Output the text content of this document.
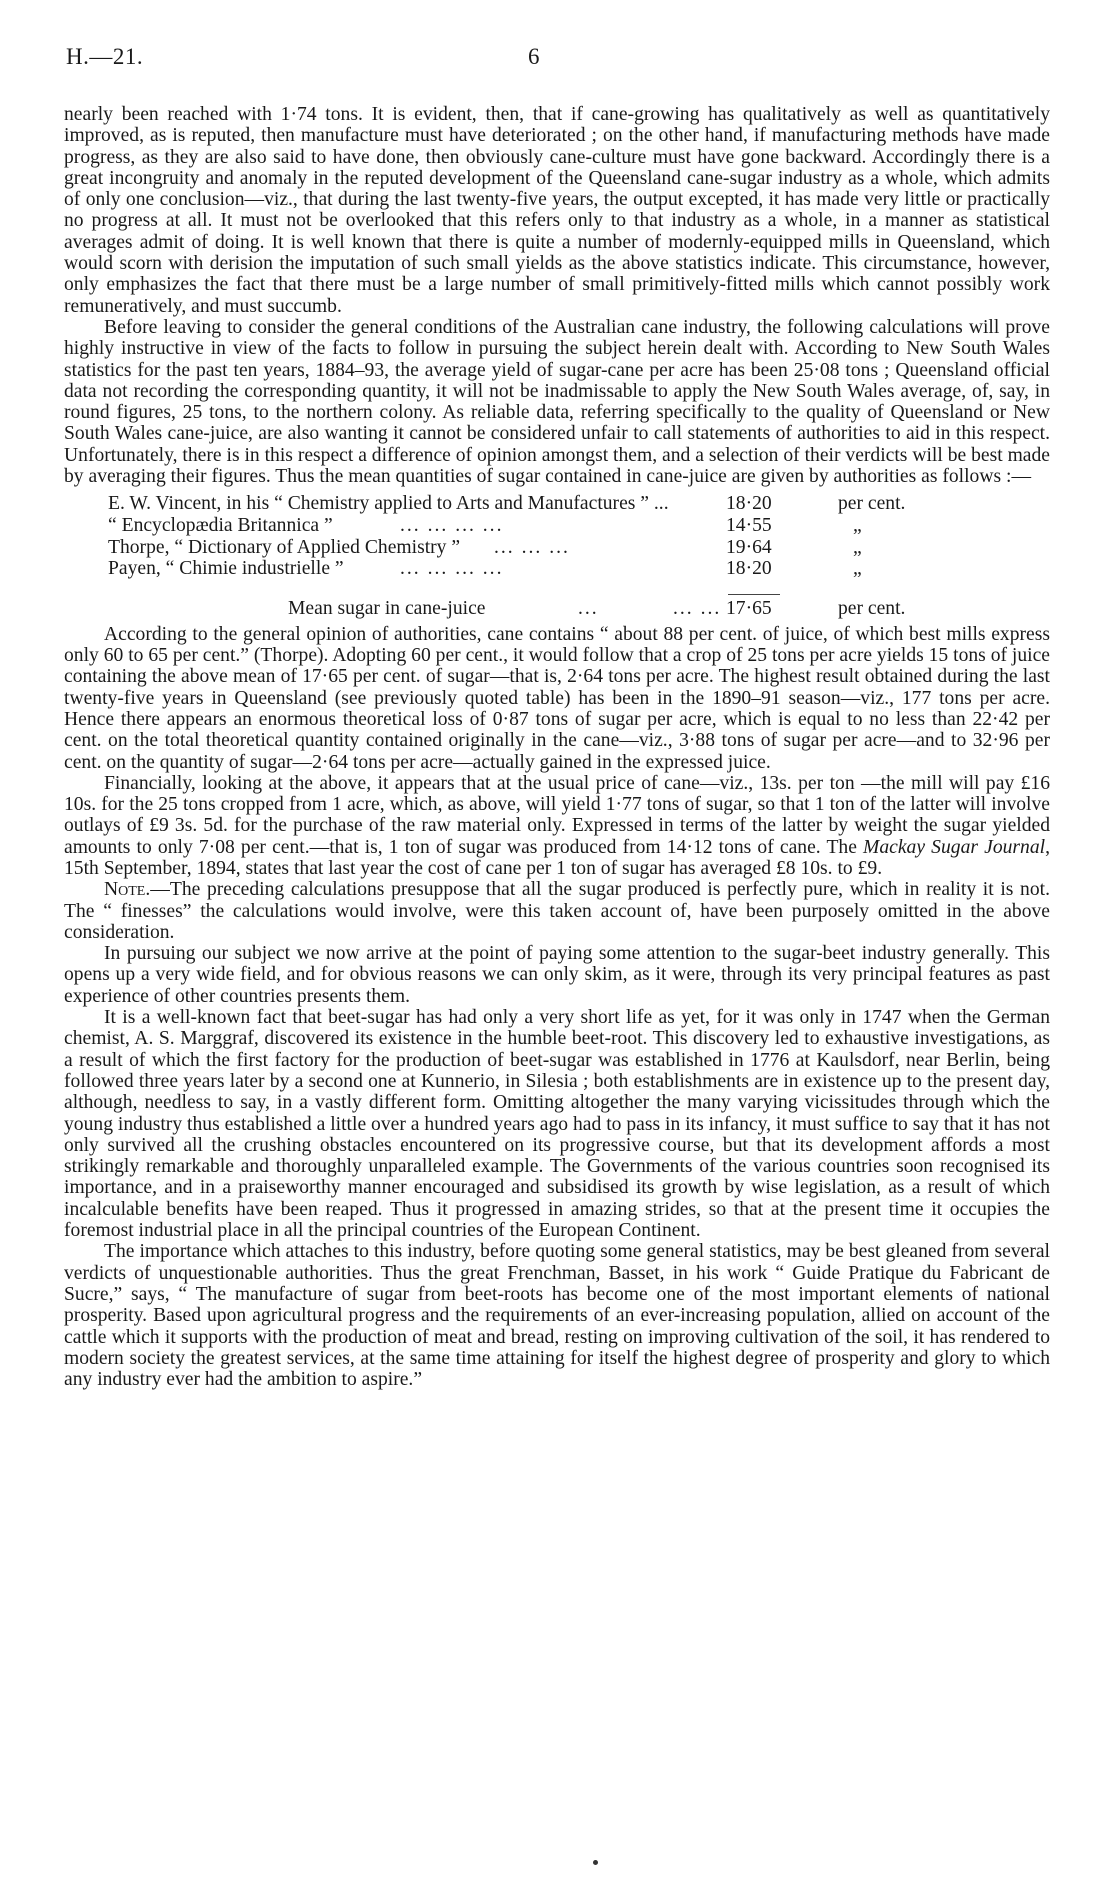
H.—21.	6

nearly been reached with 1·74 tons. It is evident, then, that if cane-growing has qualitatively as well as quantitatively improved, as is reputed, then manufacture must have deteriorated ; on the other hand, if manufacturing methods have made progress, as they are also said to have done, then obviously cane-culture must have gone backward. Accordingly there is a great incongruity and anomaly in the reputed development of the Queensland cane-sugar industry as a whole, which admits of only one conclusion—viz., that during the last twenty-five years, the output excepted, it has made very little or practically no progress at all. It must not be overlooked that this refers only to that industry as a whole, in a manner as statistical averages admit of doing. It is well known that there is quite a number of modernly-equipped mills in Queensland, which would scorn with derision the imputation of such small yields as the above statistics indicate. This circumstance, however, only emphasizes the fact that there must be a large number of small primitively-fitted mills which cannot possibly work remuneratively, and must succumb.

Before leaving to consider the general conditions of the Australian cane industry, the following calculations will prove highly instructive in view of the facts to follow in pursuing the subject herein dealt with. According to New South Wales statistics for the past ten years, 1884–93, the average yield of sugar-cane per acre has been 25·08 tons ; Queensland official data not recording the corresponding quantity, it will not be inadmissable to apply the New South Wales average, of, say, in round figures, 25 tons, to the northern colony. As reliable data, referring specifically to the quality of Queensland or New South Wales cane-juice, are also wanting it cannot be considered unfair to call statements of authorities to aid in this respect. Unfortunately, there is in this respect a difference of opinion amongst them, and a selection of their verdicts will be best made by averaging their figures. Thus the mean quantities of sugar contained in cane-juice are given by authorities as follows :—

E. W. Vincent, in his “ Chemistry applied to Arts and Manufactures ” ...	18·20	per cent.
“ Encyclopædia Britannica ”	... ... ... ...	14·55	„
Thorpe, “ Dictionary of Applied Chemistry ” ... ... ...	19·64	„
Payen, “ Chimie industrielle ”	... ... ... ...	18·20	„
Mean sugar in cane-juice	...	... ... 17·65	per cent.

According to the general opinion of authorities, cane contains “ about 88 per cent. of juice, of which best mills express only 60 to 65 per cent.” (Thorpe). Adopting 60 per cent., it would follow that a crop of 25 tons per acre yields 15 tons of juice containing the above mean of 17·65 per cent. of sugar—that is, 2·64 tons per acre. The highest result obtained during the last twenty-five years in Queensland (see previously quoted table) has been in the 1890–91 season—viz., 177 tons per acre. Hence there appears an enormous theoretical loss of 0·87 tons of sugar per acre, which is equal to no less than 22·42 per cent. on the total theoretical quantity contained originally in the cane—viz., 3·88 tons of sugar per acre—and to 32·96 per cent. on the quantity of sugar—2·64 tons per acre—actually gained in the expressed juice.

Financially, looking at the above, it appears that at the usual price of cane—viz., 13s. per ton —the mill will pay £16 10s. for the 25 tons cropped from 1 acre, which, as above, will yield 1·77 tons of sugar, so that 1 ton of the latter will involve outlays of £9 3s. 5d. for the purchase of the raw material only. Expressed in terms of the latter by weight the sugar yielded amounts to only 7·08 per cent.—that is, 1 ton of sugar was produced from 14·12 tons of cane. The Mackay Sugar Journal, 15th September, 1894, states that last year the cost of cane per 1 ton of sugar has averaged £8 10s. to £9.

Note.—The preceding calculations presuppose that all the sugar produced is perfectly pure, which in reality it is not. The “ finesses” the calculations would involve, were this taken account of, have been purposely omitted in the above consideration.

In pursuing our subject we now arrive at the point of paying some attention to the sugar-beet industry generally. This opens up a very wide field, and for obvious reasons we can only skim, as it were, through its very principal features as past experience of other countries presents them.

It is a well-known fact that beet-sugar has had only a very short life as yet, for it was only in 1747 when the German chemist, A. S. Marggraf, discovered its existence in the humble beet-root. This discovery led to exhaustive investigations, as a result of which the first factory for the production of beet-sugar was established in 1776 at Kaulsdorf, near Berlin, being followed three years later by a second one at Kunnerio, in Silesia ; both establishments are in existence up to the present day, although, needless to say, in a vastly different form. Omitting altogether the many varying vicissitudes through which the young industry thus established a little over a hundred years ago had to pass in its infancy, it must suffice to say that it has not only survived all the crushing obstacles encountered on its progressive course, but that its development affords a most strikingly remarkable and thoroughly unparalleled example. The Governments of the various countries soon recognised its importance, and in a praiseworthy manner encouraged and subsidised its growth by wise legislation, as a result of which incalculable benefits have been reaped. Thus it progressed in amazing strides, so that at the present time it occupies the foremost industrial place in all the principal countries of the European Continent.

The importance which attaches to this industry, before quoting some general statistics, may be best gleaned from several verdicts of unquestionable authorities. Thus the great Frenchman, Basset, in his work “ Guide Pratique du Fabricant de Sucre,” says, “ The manufacture of sugar from beet-roots has become one of the most important elements of national prosperity. Based upon agricultural progress and the requirements of an ever-increasing population, allied on account of the cattle which it supports with the production of meat and bread, resting on improving cultivation of the soil, it has rendered to modern society the greatest services, at the same time attaining for itself the highest degree of prosperity and glory to which any industry ever had the ambition to aspire.”
